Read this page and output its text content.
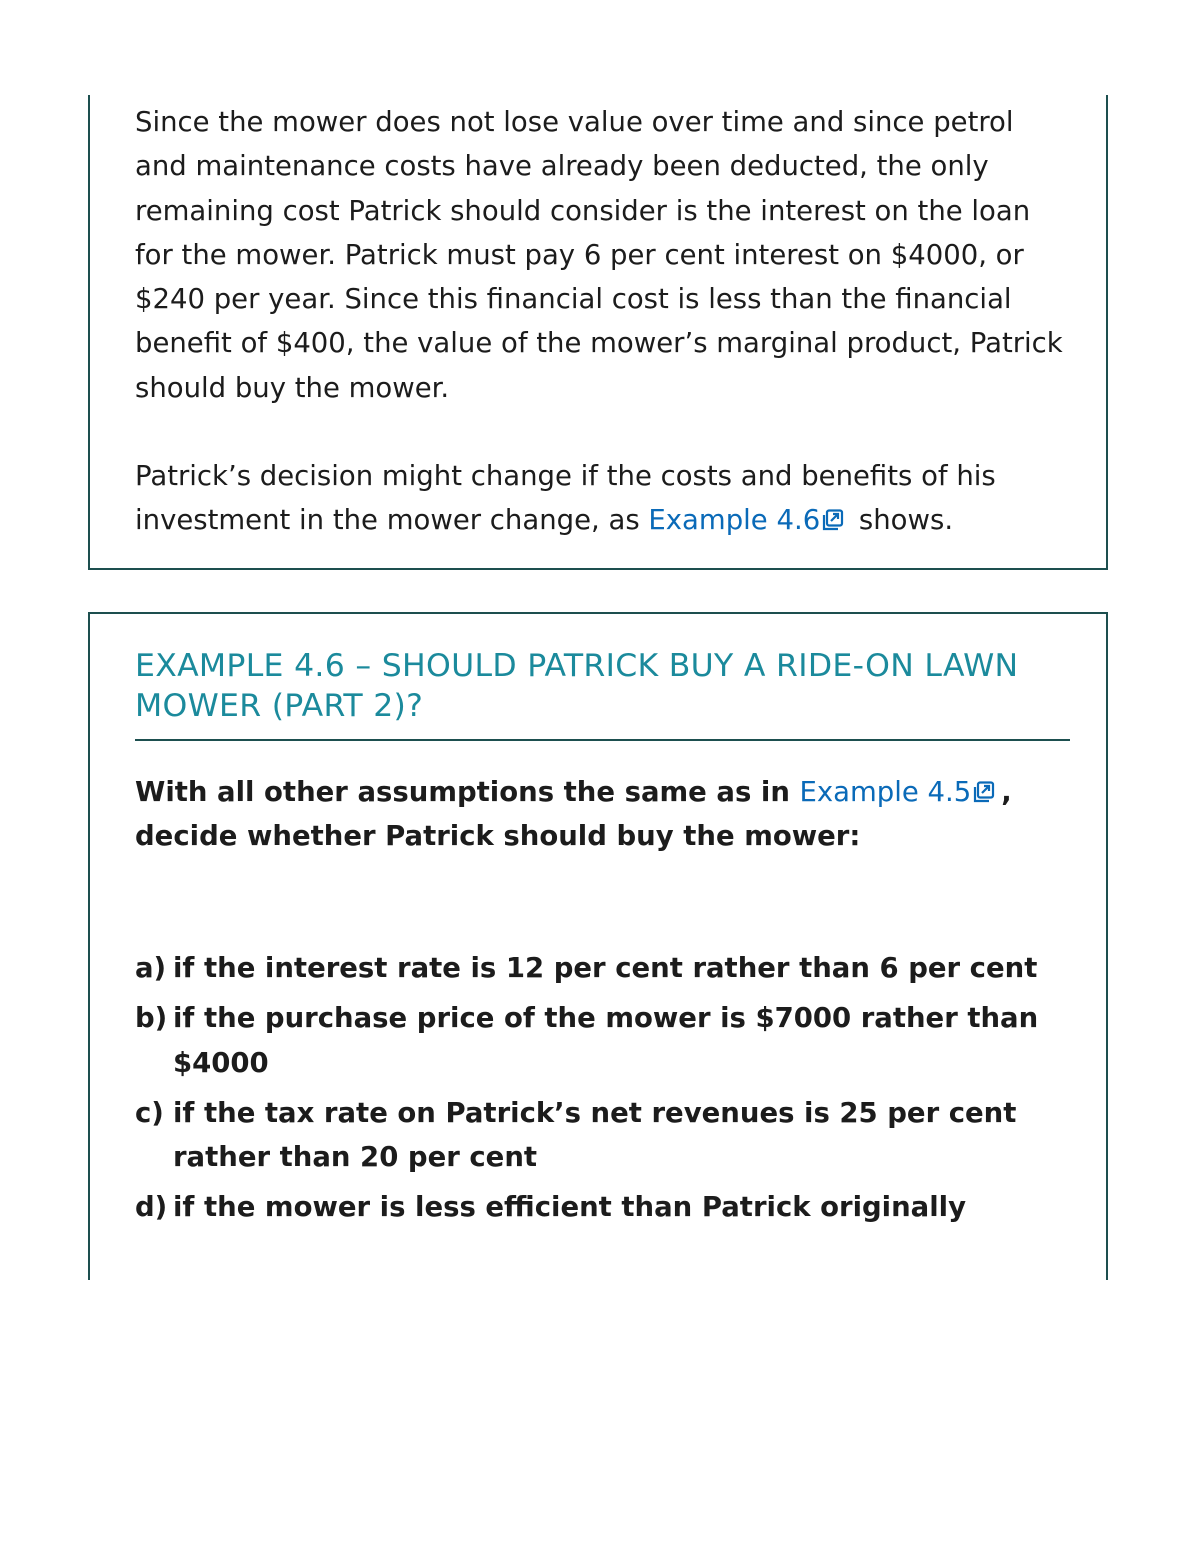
Since the mower does not lose value over time and since petrol and maintenance costs have already been deducted, the only remaining cost Patrick should consider is the interest on the loan for the mower. Patrick must pay 6 per cent interest on $4000, or $240 per year. Since this financial cost is less than the financial benefit of $400, the value of the mower’s marginal product, Patrick should buy the mower.

Patrick’s decision might change if the costs and benefits of his investment in the mower change, as Example 4.6 shows.

EXAMPLE 4.6 – SHOULD PATRICK BUY A RIDE-ON LAWN MOWER (PART 2)?

With all other assumptions the same as in Example 4.5 , decide whether Patrick should buy the mower:

a) if the interest rate is 12 per cent rather than 6 per cent
b) if the purchase price of the mower is $7000 rather than $4000
c) if the tax rate on Patrick’s net revenues is 25 per cent rather than 20 per cent
d) if the mower is less efficient than Patrick originally
